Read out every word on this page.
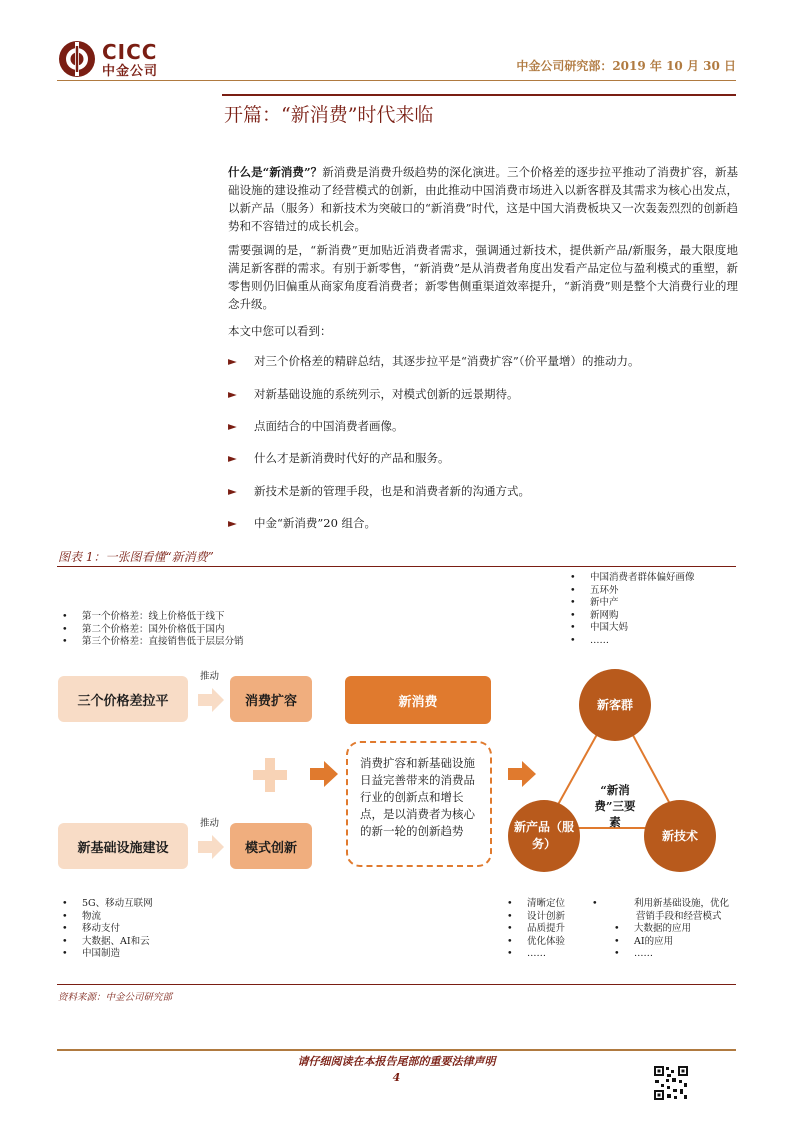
CICC
中金公司	中金公司研究部：2019 年 10 月 30 日
开篇：“新消费”时代来临
什么是“新消费”？新消费是消费升级趋势的深化演进。三个价格差的逐步拉平推动了消费扩容，新基础设施的建设推动了经营模式的创新，由此推动中国消费市场进入以新客群及其需求为核心出发点，以新产品（服务）和新技术为突破口的“新消费”时代，这是中国大消费板块又一次轰轰烈烈的创新趋势和不容错过的成长机会。
需要强调的是，“新消费”更加贴近消费者需求，强调通过新技术，提供新产品/新服务，最大限度地满足新客群的需求。有别于新零售，“新消费”是从消费者角度出发看产品定位与盈利模式的重塑，新零售则仍旧偏重从商家角度看消费者；新零售侧重渠道效率提升，“新消费”则是整个大消费行业的理念升级。
本文中您可以看到：
► 对三个价格差的精辟总结，其逐步拉平是“消费扩容”（价平量增）的推动力。
► 对新基础设施的系统列示，对模式创新的远景期待。
► 点面结合的中国消费者画像。
► 什么才是新消费时代好的产品和服务。
► 新技术是新的管理手段，也是和消费者新的沟通方式。
► 中金“新消费”20 组合。
图表 1：一张图看懂“新消费”
• 中国消费者群体偏好画像
• 五环外
• 新中产
• 新网购
• 中国大妈
• ……
• 第一个价格差：线上价格低于线下
• 第二个价格差：国外价格低于国内
• 第三个价格差：直接销售低于层层分销
三个价格差拉平
推动
消费扩容	新消费
消费扩容和新基础设施日益完善带来的消费品行业的创新点和增长点，是以消费者为核心的新一轮的创新趋势
新客群
新产品（服务）
新技术
“新消费”三要素
推动
新基础设施建设	模式创新
• 5G、移动互联网
• 物流
• 移动支付
• 大数据、AI和云
• 中国制造
• 清晰定位
• 设计创新
• 品质提升
• 优化体验
• ……
•	利用新基础设施，优化营销手段和经营模式
• 大数据的应用
• AI的应用
• ……
资料来源：中金公司研究部
请仔细阅读在本报告尾部的重要法律声明
4
